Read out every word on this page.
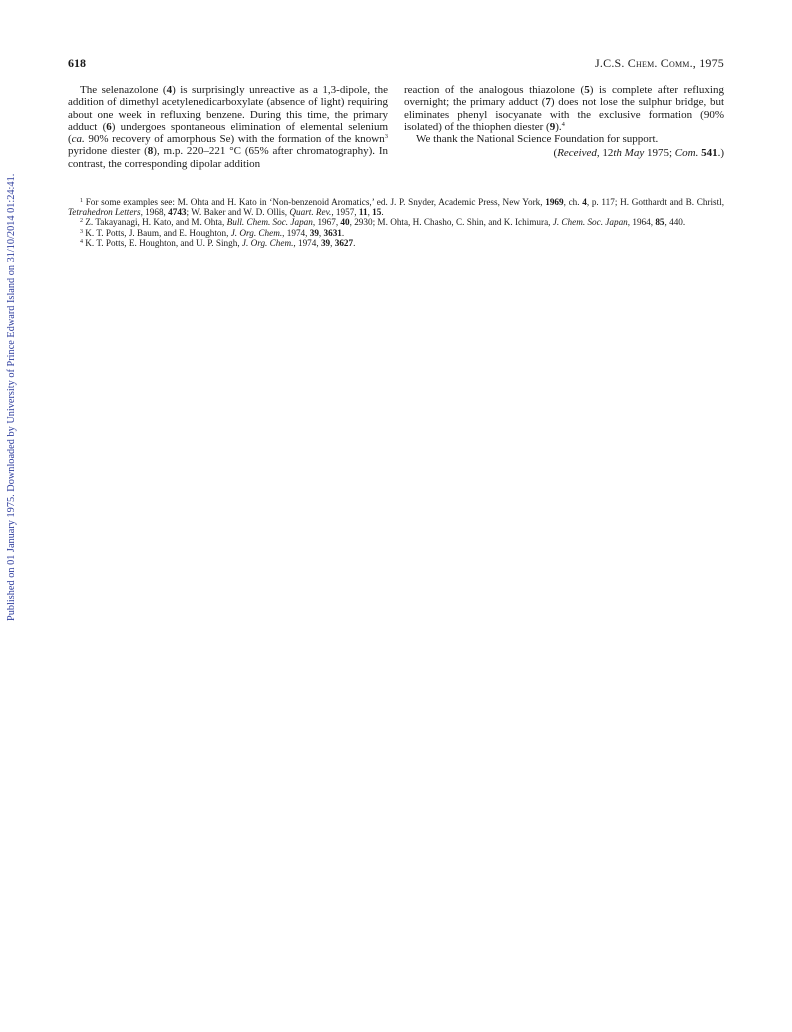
Published on 01 January 1975. Downloaded by University of Prince Edward Island on 31/10/2014 01:24:41.
618	J.C.S. Chem. Comm., 1975

The selenazolone (4) is surprisingly unreactive as a 1,3-dipole, the addition of dimethyl acetylenedicarboxylate (absence of light) requiring about one week in refluxing benzene. During this time, the primary adduct (6) undergoes spontaneous elimination of elemental selenium (ca. 90% recovery of amorphous Se) with the formation of the known$^3$ pyridone diester (8), m.p. 220–221 °C (65% after chromatography). In contrast, the corresponding dipolar addition

reaction of the analogous thiazolone (5) is complete after refluxing overnight; the primary adduct (7) does not lose the sulphur bridge, but eliminates phenyl isocyanate with the exclusive formation (90% isolated) of the thiophen diester (9).$^4$

We thank the National Science Foundation for support.

(Received, 12th May 1975; Com. 541.)

$^1$ For some examples see: M. Ohta and H. Kato in ‘Non-benzenoid Aromatics,’ ed. J. P. Snyder, Academic Press, New York, 1969, ch. 4, p. 117; H. Gotthardt and B. Christl, Tetrahedron Letters, 1968, 4743; W. Baker and W. D. Ollis, Quart. Rev., 1957, 11, 15.

$^2$ Z. Takayanagi, H. Kato, and M. Ohta, Bull. Chem. Soc. Japan, 1967, 40, 2930; M. Ohta, H. Chasho, C. Shin, and K. Ichimura, J. Chem. Soc. Japan, 1964, 85, 440.

$^3$ K. T. Potts, J. Baum, and E. Houghton, J. Org. Chem., 1974, 39, 3631.

$^4$ K. T. Potts, E. Houghton, and U. P. Singh, J. Org. Chem., 1974, 39, 3627.
